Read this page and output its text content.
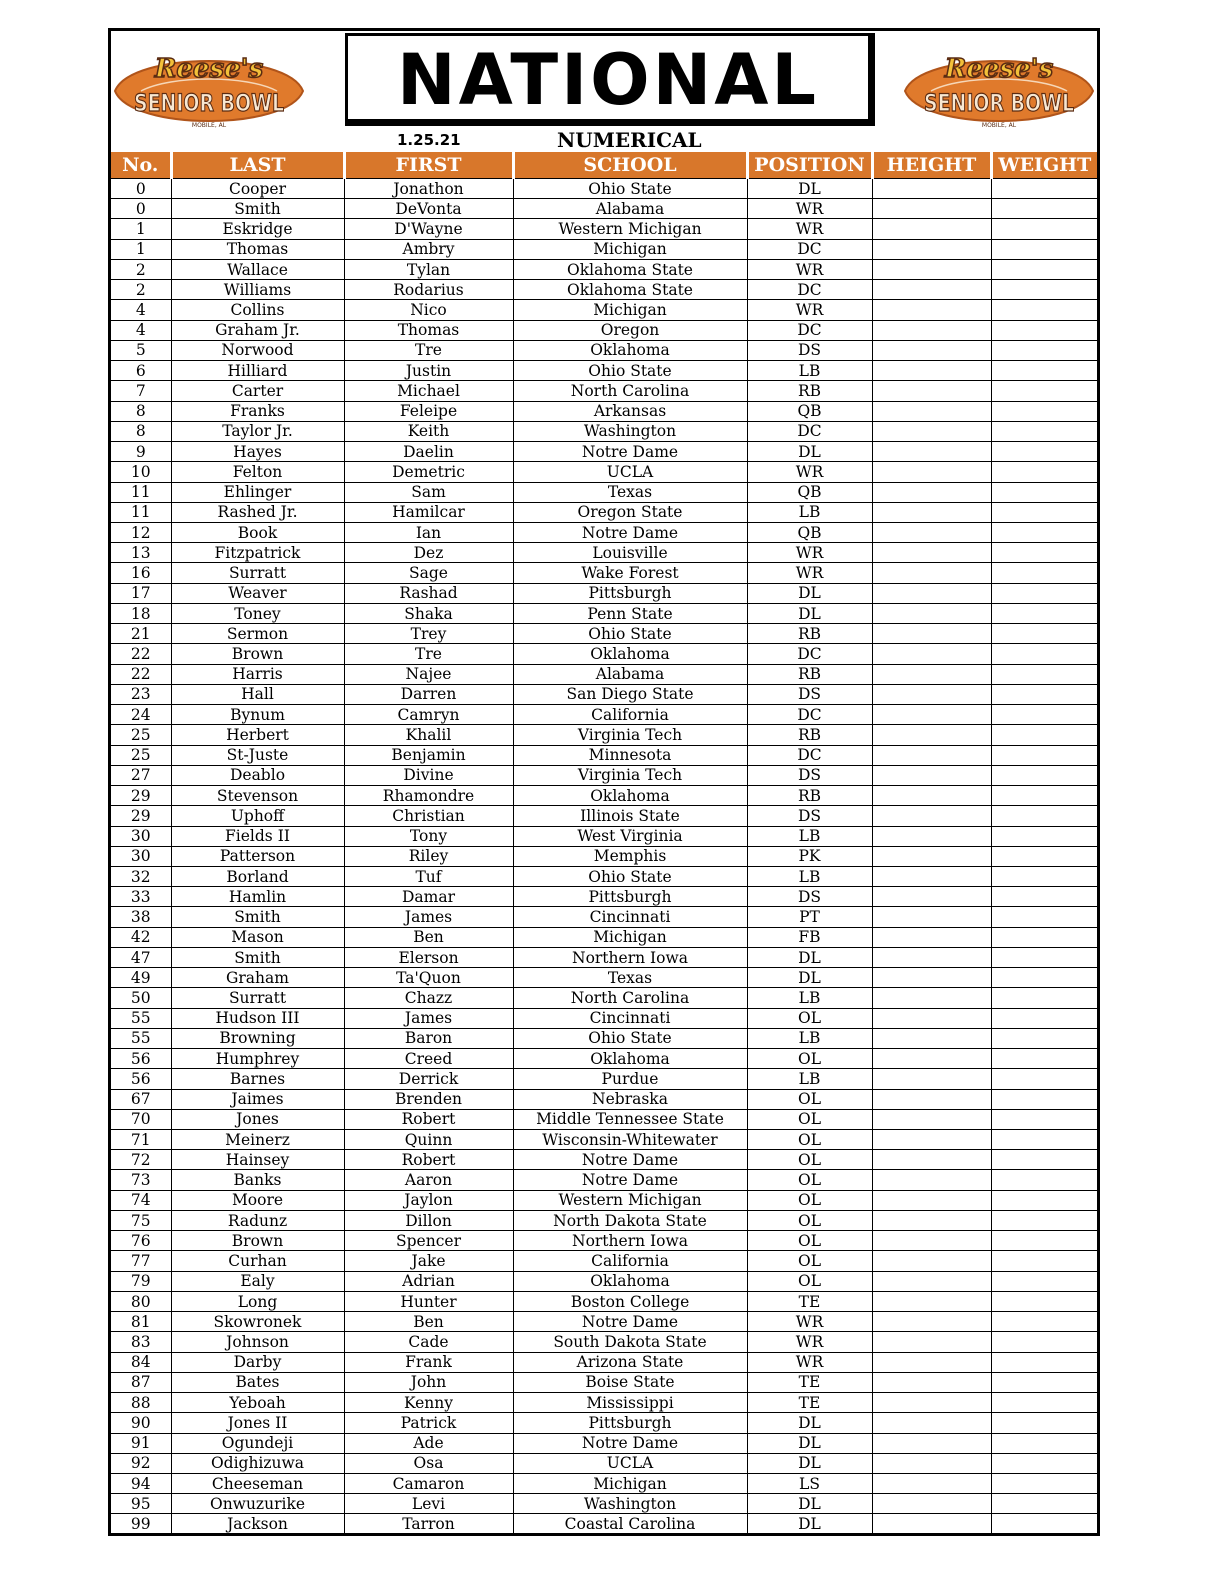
Reese's
SENIOR BOWL
MOBILE, AL
NATIONAL
1.25.21	NUMERICAL
Reese's
SENIOR BOWL
MOBILE, AL
No.	LAST	FIRST	SCHOOL	POSITION	HEIGHT	WEIGHT
0	Cooper	Jonathon	Ohio State	DL		
0	Smith	DeVonta	Alabama	WR		
1	Eskridge	D'Wayne	Western Michigan	WR		
1	Thomas	Ambry	Michigan	DC		
2	Wallace	Tylan	Oklahoma State	WR		
2	Williams	Rodarius	Oklahoma State	DC		
4	Collins	Nico	Michigan	WR		
4	Graham Jr.	Thomas	Oregon	DC		
5	Norwood	Tre	Oklahoma	DS		
6	Hilliard	Justin	Ohio State	LB		
7	Carter	Michael	North Carolina	RB		
8	Franks	Feleipe	Arkansas	QB		
8	Taylor Jr.	Keith	Washington	DC		
9	Hayes	Daelin	Notre Dame	DL		
10	Felton	Demetric	UCLA	WR		
11	Ehlinger	Sam	Texas	QB		
11	Rashed Jr.	Hamilcar	Oregon State	LB		
12	Book	Ian	Notre Dame	QB		
13	Fitzpatrick	Dez	Louisville	WR		
16	Surratt	Sage	Wake Forest	WR		
17	Weaver	Rashad	Pittsburgh	DL		
18	Toney	Shaka	Penn State	DL		
21	Sermon	Trey	Ohio State	RB		
22	Brown	Tre	Oklahoma	DC		
22	Harris	Najee	Alabama	RB		
23	Hall	Darren	San Diego State	DS		
24	Bynum	Camryn	California	DC		
25	Herbert	Khalil	Virginia Tech	RB		
25	St-Juste	Benjamin	Minnesota	DC		
27	Deablo	Divine	Virginia Tech	DS		
29	Stevenson	Rhamondre	Oklahoma	RB		
29	Uphoff	Christian	Illinois State	DS		
30	Fields II	Tony	West Virginia	LB		
30	Patterson	Riley	Memphis	PK		
32	Borland	Tuf	Ohio State	LB		
33	Hamlin	Damar	Pittsburgh	DS		
38	Smith	James	Cincinnati	PT		
42	Mason	Ben	Michigan	FB		
47	Smith	Elerson	Northern Iowa	DL		
49	Graham	Ta'Quon	Texas	DL		
50	Surratt	Chazz	North Carolina	LB		
55	Hudson III	James	Cincinnati	OL		
55	Browning	Baron	Ohio State	LB		
56	Humphrey	Creed	Oklahoma	OL		
56	Barnes	Derrick	Purdue	LB		
67	Jaimes	Brenden	Nebraska	OL		
70	Jones	Robert	Middle Tennessee State	OL		
71	Meinerz	Quinn	Wisconsin-Whitewater	OL		
72	Hainsey	Robert	Notre Dame	OL		
73	Banks	Aaron	Notre Dame	OL		
74	Moore	Jaylon	Western Michigan	OL		
75	Radunz	Dillon	North Dakota State	OL		
76	Brown	Spencer	Northern Iowa	OL		
77	Curhan	Jake	California	OL		
79	Ealy	Adrian	Oklahoma	OL		
80	Long	Hunter	Boston College	TE		
81	Skowronek	Ben	Notre Dame	WR		
83	Johnson	Cade	South Dakota State	WR		
84	Darby	Frank	Arizona State	WR		
87	Bates	John	Boise State	TE		
88	Yeboah	Kenny	Mississippi	TE		
90	Jones II	Patrick	Pittsburgh	DL		
91	Ogundeji	Ade	Notre Dame	DL		
92	Odighizuwa	Osa	UCLA	DL		
94	Cheeseman	Camaron	Michigan	LS		
95	Onwuzurike	Levi	Washington	DL		
99	Jackson	Tarron	Coastal Carolina	DL		
